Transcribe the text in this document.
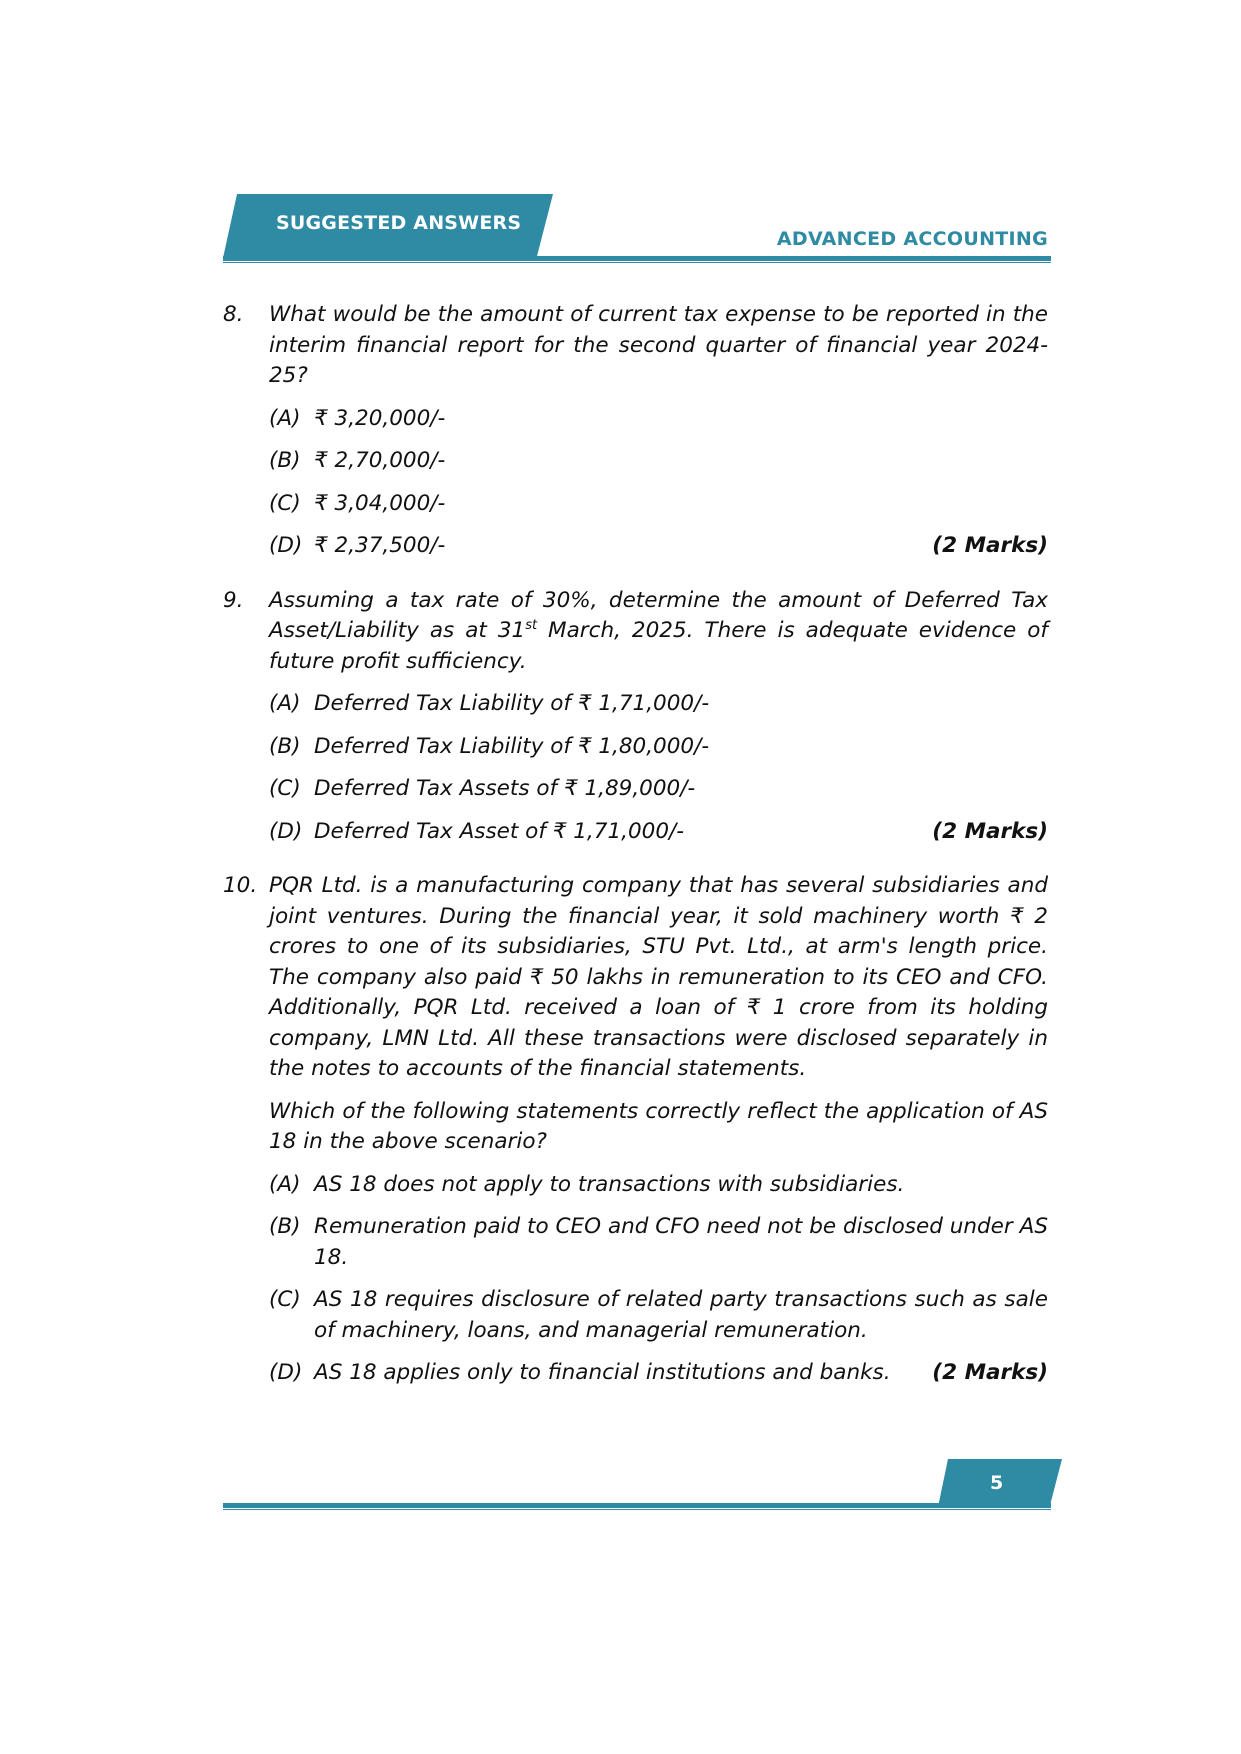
SUGGESTED ANSWERS
ADVANCED ACCOUNTING
8.	What would be the amount of current tax expense to be reported in the interim financial report for the second quarter of financial year 2024-25?

(A) ₹ 3,20,000/-
(B) ₹ 2,70,000/-
(C) ₹ 3,04,000/-
(D) ₹ 2,37,500/-	(2 Marks)
9.	Assuming a tax rate of 30%, determine the amount of Deferred Tax Asset/Liability as at 31st March, 2025. There is adequate evidence of future profit sufficiency.

(A) Deferred Tax Liability of ₹ 1,71,000/-
(B) Deferred Tax Liability of ₹ 1,80,000/-
(C) Deferred Tax Assets of ₹ 1,89,000/-
(D) Deferred Tax Asset of ₹ 1,71,000/-	(2 Marks)
10. PQR Ltd. is a manufacturing company that has several subsidiaries and joint ventures. During the financial year, it sold machinery worth ₹ 2 crores to one of its subsidiaries, STU Pvt. Ltd., at arm's length price. The company also paid ₹ 50 lakhs in remuneration to its CEO and CFO. Additionally, PQR Ltd. received a loan of ₹ 1 crore from its holding company, LMN Ltd. All these transactions were disclosed separately in the notes to accounts of the financial statements.

Which of the following statements correctly reflect the application of AS 18 in the above scenario?

(A) AS 18 does not apply to transactions with subsidiaries.
(B) Remuneration paid to CEO and CFO need not be disclosed under AS 18.
(C) AS 18 requires disclosure of related party transactions such as sale of machinery, loans, and managerial remuneration.
(D) AS 18 applies only to financial institutions and banks.	(2 Marks)
5
